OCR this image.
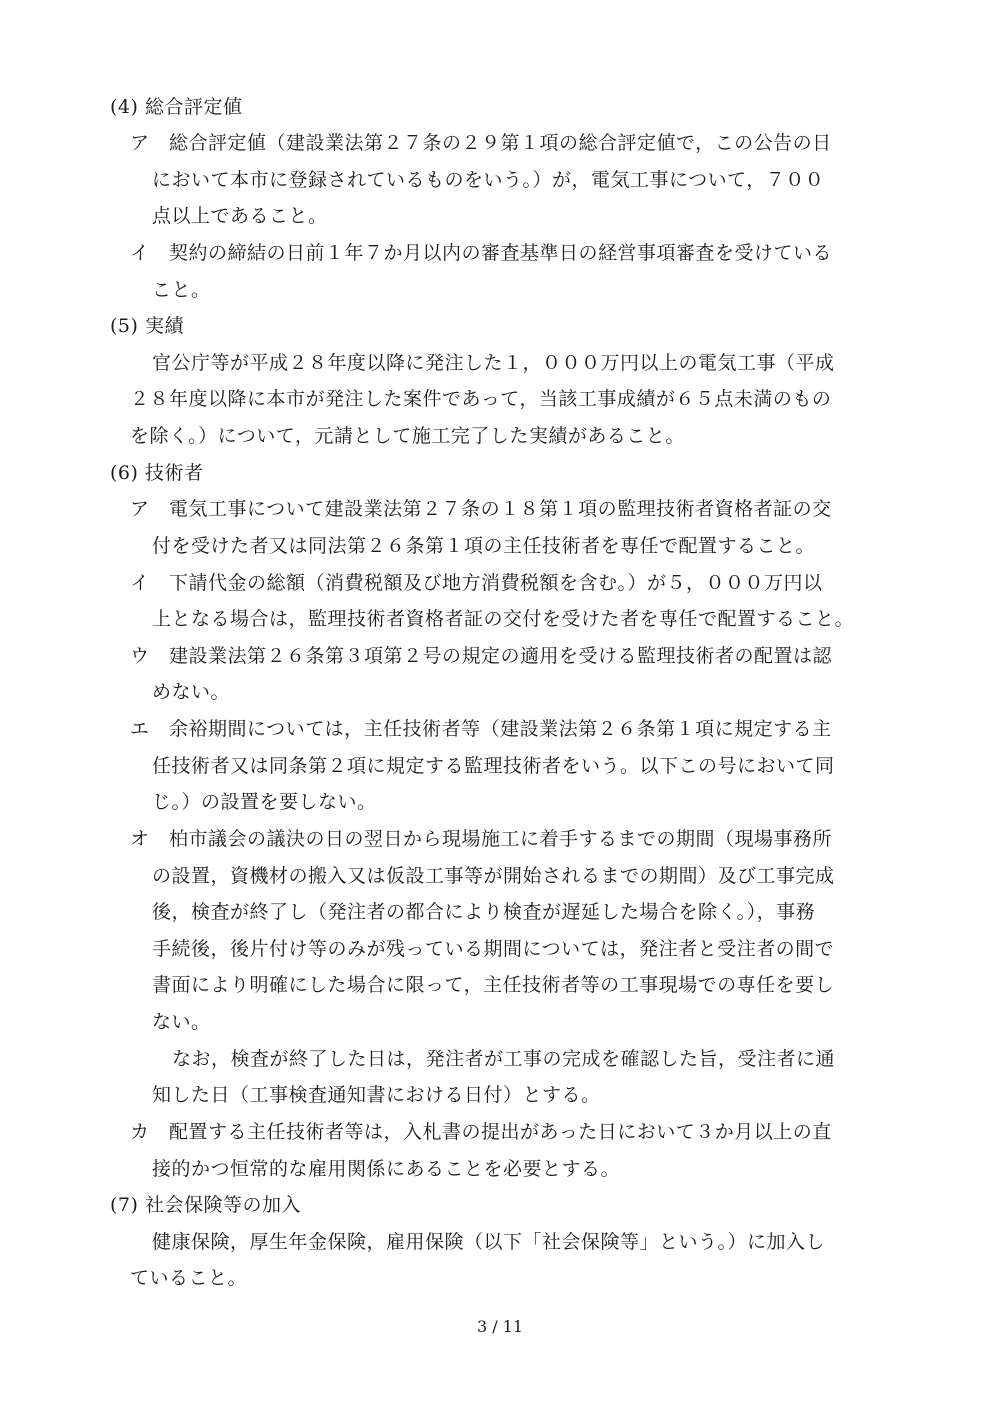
(4) 総合評定値
ア　総合評定値（建設業法第２７条の２９第１項の総合評定値で，この公告の日
において本市に登録されているものをいう。）が，電気工事について，７００
点以上であること。
イ　契約の締結の日前１年７か月以内の審査基準日の経営事項審査を受けている
こと。
(5) 実績
官公庁等が平成２８年度以降に発注した１，０００万円以上の電気工事（平成
２８年度以降に本市が発注した案件であって，当該工事成績が６５点未満のもの
を除く。）について，元請として施工完了した実績があること。
(6) 技術者
ア　電気工事について建設業法第２７条の１８第１項の監理技術者資格者証の交
付を受けた者又は同法第２６条第１項の主任技術者を専任で配置すること。
イ　下請代金の総額（消費税額及び地方消費税額を含む。）が５，０００万円以
上となる場合は，監理技術者資格者証の交付を受けた者を専任で配置すること。
ウ　建設業法第２６条第３項第２号の規定の適用を受ける監理技術者の配置は認
めない。
エ　余裕期間については，主任技術者等（建設業法第２６条第１項に規定する主
任技術者又は同条第２項に規定する監理技術者をいう。以下この号において同
じ。）の設置を要しない。
オ　柏市議会の議決の日の翌日から現場施工に着手するまでの期間（現場事務所
の設置，資機材の搬入又は仮設工事等が開始されるまでの期間）及び工事完成
後，検査が終了し（発注者の都合により検査が遅延した場合を除く。），事務
手続後，後片付け等のみが残っている期間については，発注者と受注者の間で
書面により明確にした場合に限って，主任技術者等の工事現場での専任を要し
ない。
なお，検査が終了した日は，発注者が工事の完成を確認した旨，受注者に通
知した日（工事検査通知書における日付）とする。
カ　配置する主任技術者等は，入札書の提出があった日において３か月以上の直
接的かつ恒常的な雇用関係にあることを必要とする。
(7) 社会保険等の加入
健康保険，厚生年金保険，雇用保険（以下「社会保険等」という。）に加入し
ていること。
3 / 11
